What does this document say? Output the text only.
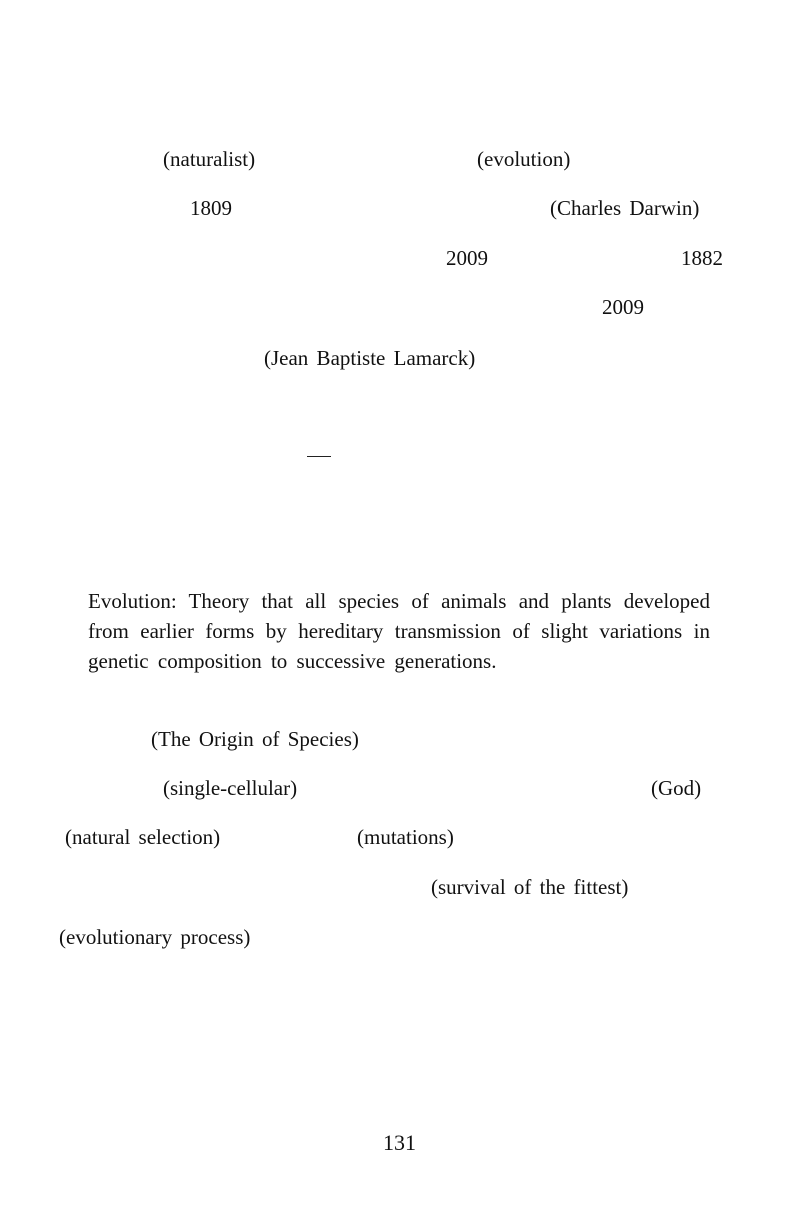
(naturalist)	(evolution)
1809	(Charles Darwin)
2009	1882
2009
(Jean Baptiste Lamarck)
Evolution: Theory that all species of animals and plants developed from earlier forms by hereditary transmission of slight variations in genetic composition to successive generations.
(The Origin of Species)
(single-cellular)	(God)
(natural selection)	(mutations)
(survival of the fittest)
(evolutionary process)
131
